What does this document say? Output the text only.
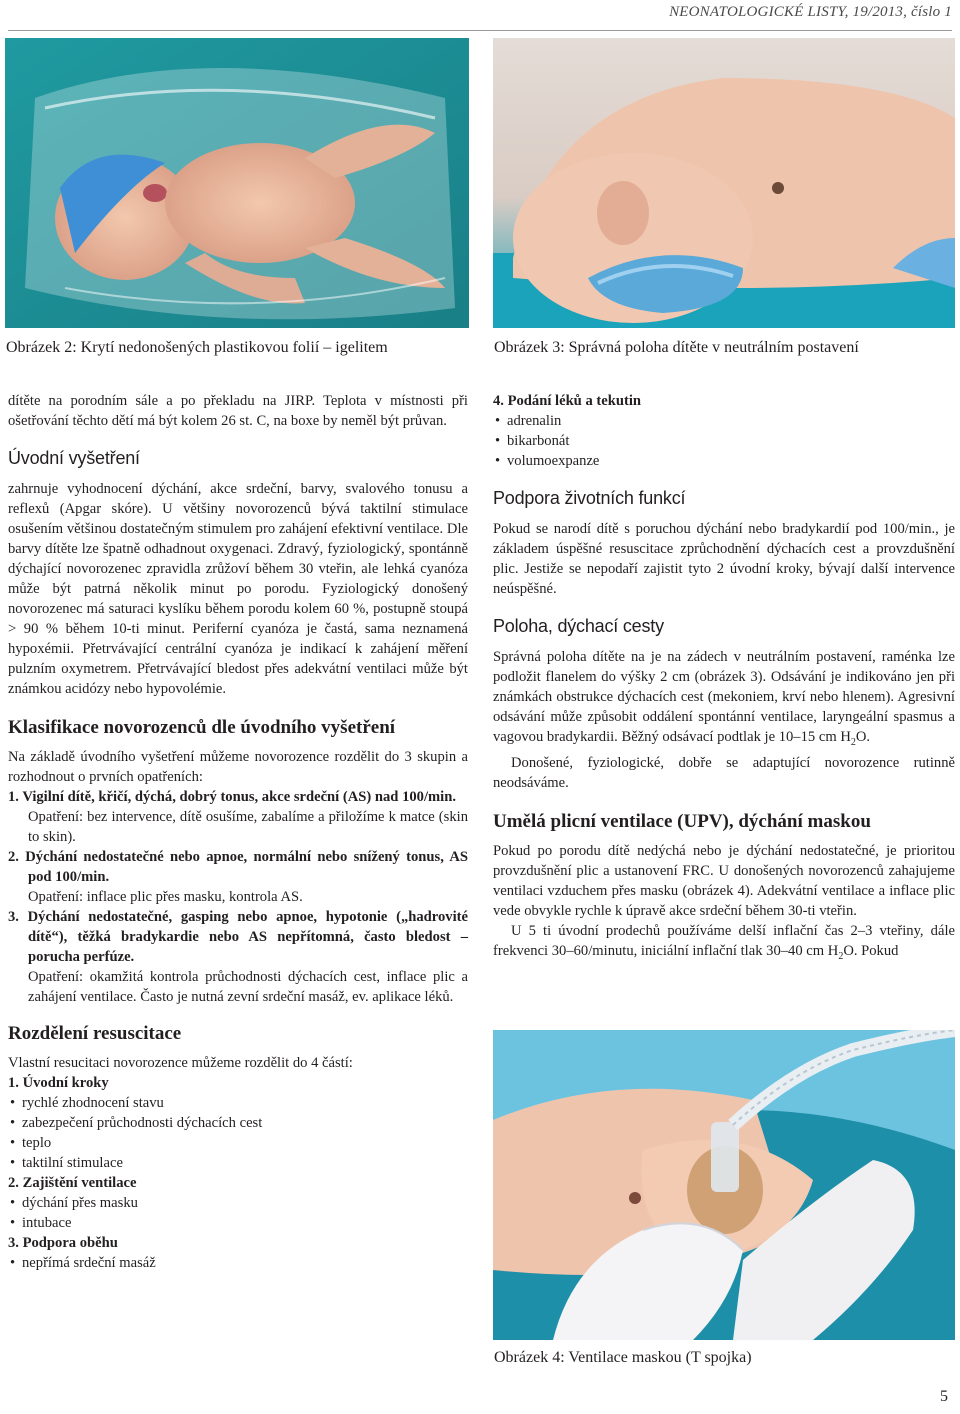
NEONATOLOGICKÉ LISTY, 19/2013, číslo 1
Obrázek 2: Krytí nedonošených plastikovou folií – igelitem	Obrázek 3: Správná poloha dítěte v neutrálním postavení

dítěte na porodním sále a po překladu na JIRP. Teplota v místnosti při ošetřování těchto dětí má být kolem 26 st. C, na boxe by neměl být průvan.

Úvodní vyšetření

zahrnuje vyhodnocení dýchání, akce srdeční, barvy, svalového tonusu a reflexů (Apgar skóre). U většiny novorozenců bývá taktilní stimulace osušením většinou dostatečným stimulem pro zahájení efektivní ventilace. Dle barvy dítěte lze špatně odhadnout oxygenaci. Zdravý, fyziologický, spontánně dýchající novorozenec zpravidla zrůžoví během 30 vteřin, ale lehká cyanóza může být patrná několik minut po porodu. Fyziologický donošený novorozenec má saturaci kyslíku během porodu kolem 60 %, postupně stoupá > 90 % během 10-ti minut. Periferní cyanóza je častá, sama neznamená hypoxémii. Přetrvávající centrální cyanóza je indikací k zahájení měření pulzním oxymetrem. Přetrvávající bledost přes adekvátní ventilaci může být známkou acidózy nebo hypovolémie.

Klasifikace novorozenců dle úvodního vyšetření

Na základě úvodního vyšetření můžeme novorozence rozdělit do 3 skupin a rozhodnout o prvních opatřeních:

1. Vigilní dítě, křičí, dýchá, dobrý tonus, akce srdeční (AS) nad 100/min.

Opatření: bez intervence, dítě osušíme, zabalíme a přiložíme k matce (skin to skin).

2. Dýchání nedostatečné nebo apnoe, normální nebo snížený tonus, AS pod 100/min.

Opatření: inflace plic přes masku, kontrola AS.

3. Dýchání nedostatečné, gasping nebo apnoe, hypotonie („hadrovité dítě“), těžká bradykardie nebo AS nepřítomná, často bledost – porucha perfúze.

Opatření: okamžitá kontrola průchodnosti dýchacích cest, inflace plic a zahájení ventilace. Často je nutná zevní srdeční masáž, ev. aplikace léků.

Rozdělení resuscitace

Vlastní resucitaci novorozence můžeme rozdělit do 4 částí:

1. Úvodní kroky

• rychlé zhodnocení stavu
• zabezpečení průchodnosti dýchacích cest
• teplo
• taktilní stimulace

2. Zajištění ventilace

• dýchání přes masku
• intubace

3. Podpora oběhu

• nepřímá srdeční masáž

4. Podání léků a tekutin

• adrenalin
• bikarbonát
• volumoexpanze
Podpora životních funkcí

Pokud se narodí dítě s poruchou dýchání nebo bradykardií pod 100/min., je základem úspěšné resuscitace zprůchodnění dýchacích cest a provzdušnění plic. Jestiže se nepodaří zajistit tyto 2 úvodní kroky, bývají další intervence neúspěšné.

Poloha, dýchací cesty

Správná poloha dítěte na je na zádech v neutrálním postavení, raménka lze podložit flanelem do výšky 2 cm (obrázek 3). Odsávání je indikováno jen při známkách obstrukce dýchacích cest (mekoniem, krví nebo hlenem). Agresivní odsávání může způsobit oddálení spontánní ventilace, laryngeální spasmus a vagovou bradykardii. Běžný odsávací podtlak je 10–15 cm $H_2O$.

Donošené, fyziologické, dobře se adaptující novorozence rutinně neodsáváme.

Umělá plicní ventilace (UPV), dýchání maskou

Pokud po porodu dítě nedýchá nebo je dýchání nedostatečné, je prioritou provzdušnění plic a ustanovení FRC. U donošených novorozenců zahajujeme ventilaci vzduchem přes masku (obrázek 4). Adekvátní ventilace a inflace plic vede obvykle rychle k úpravě akce srdeční během 30-ti vteřin.

U 5 ti úvodní prodechů používáme delší inflační čas 2–3 vteřiny, dále frekvenci 30–60/minutu, iniciální inflační tlak 30–40 cm $H_2O$. Pokud

Obrázek 4: Ventilace maskou (T spojka)
5
